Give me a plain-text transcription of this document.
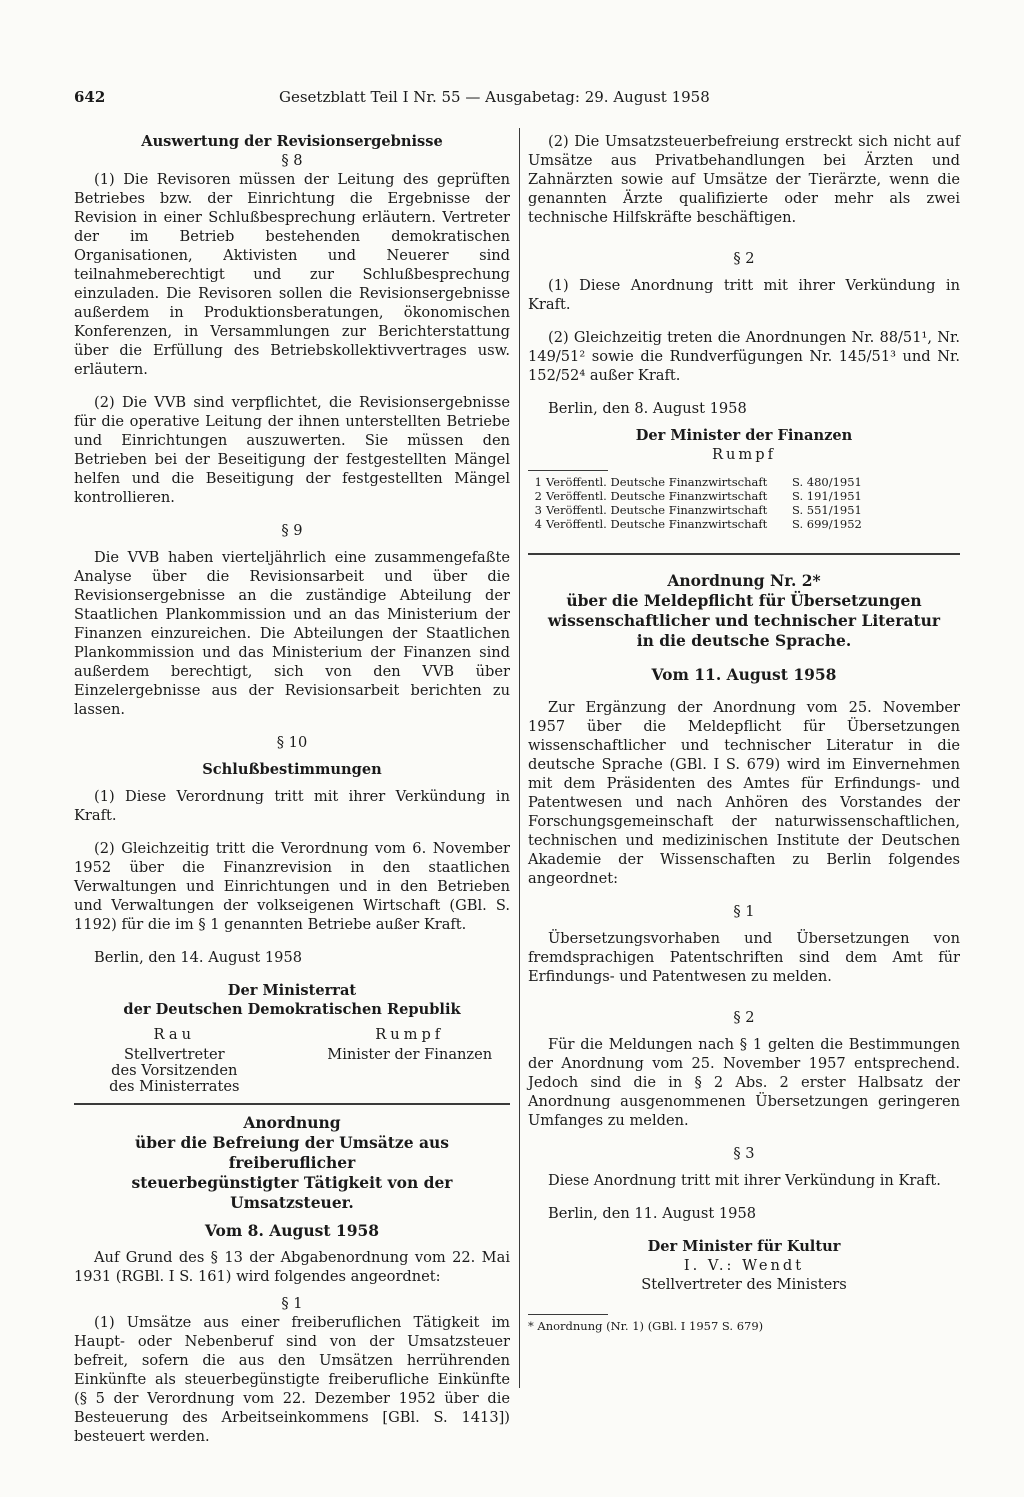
642	Gesetzblatt Teil I Nr. 55 — Ausgabetag: 29. August 1958

Auswertung der Revisionsergebnisse

§ 8

(1) Die Revisoren müssen der Leitung des geprüften Betriebes bzw. der Einrichtung die Ergebnisse der Revision in einer Schlußbesprechung erläutern. Vertreter der im Betrieb bestehenden demokratischen Organisationen, Aktivisten und Neuerer sind teilnahmeberechtigt und zur Schlußbesprechung einzuladen. Die Revisoren sollen die Revisionsergebnisse außerdem in Produktionsberatungen, ökonomischen Konferenzen, in Versammlungen zur Berichterstattung über die Erfüllung des Betriebskollektivvertrages usw. erläutern.

(2) Die VVB sind verpflichtet, die Revisionsergebnisse für die operative Leitung der ihnen unterstellten Betriebe und Einrichtungen auszuwerten. Sie müssen den Betrieben bei der Beseitigung der festgestellten Mängel helfen und die Beseitigung der festgestellten Mängel kontrollieren.

§ 9

Die VVB haben vierteljährlich eine zusammengefaßte Analyse über die Revisionsarbeit und über die Revisionsergebnisse an die zuständige Abteilung der Staatlichen Plankommission und an das Ministerium der Finanzen einzureichen. Die Abteilungen der Staatlichen Plankommission und das Ministerium der Finanzen sind außerdem berechtigt, sich von den VVB über Einzelergebnisse aus der Revisionsarbeit berichten zu lassen.

§ 10

Schlußbestimmungen

(1) Diese Verordnung tritt mit ihrer Verkündung in Kraft.

(2) Gleichzeitig tritt die Verordnung vom 6. November 1952 über die Finanzrevision in den staatlichen Verwaltungen und Einrichtungen und in den Betrieben und Verwaltungen der volkseigenen Wirtschaft (GBl. S. 1192) für die im § 1 genannten Betriebe außer Kraft.

Berlin, den 14. August 1958

Der Ministerrat

der Deutschen Demokratischen Republik

Rau
Stellvertreter
des Vorsitzenden
des Ministerrates
Rumpf
Minister der Finanzen

Anordnung

über die Befreiung der Umsätze aus freiberuflicher

steuerbegünstigter Tätigkeit von der Umsatzsteuer.

Vom 8. August 1958

Auf Grund des § 13 der Abgabenordnung vom 22. Mai 1931 (RGBl. I S. 161) wird folgendes angeordnet:

§ 1

(1) Umsätze aus einer freiberuflichen Tätigkeit im Haupt- oder Nebenberuf sind von der Umsatzsteuer befreit, sofern die aus den Umsätzen herrührenden Einkünfte als steuerbegünstigte freiberufliche Einkünfte (§ 5 der Verordnung vom 22. Dezember 1952 über die Besteuerung des Arbeitseinkommens [GBl. S. 1413]) besteuert werden.

(2) Die Umsatzsteuerbefreiung erstreckt sich nicht auf Umsätze aus Privatbehandlungen bei Ärzten und Zahnärzten sowie auf Umsätze der Tierärzte, wenn die genannten Ärzte qualifizierte oder mehr als zwei technische Hilfskräfte beschäftigen.

§ 2

(1) Diese Anordnung tritt mit ihrer Verkündung in Kraft.

(2) Gleichzeitig treten die Anordnungen Nr. 88/51¹, Nr. 149/51² sowie die Rundverfügungen Nr. 145/51³ und Nr. 152/52⁴ außer Kraft.

Berlin, den 8. August 1958

Der Minister der Finanzen

Rumpf

1 Veröffentl. Deutsche Finanzwirtschaft	S. 480/1951
2 Veröffentl. Deutsche Finanzwirtschaft	S. 191/1951
3 Veröffentl. Deutsche Finanzwirtschaft	S. 551/1951
4 Veröffentl. Deutsche Finanzwirtschaft	S. 699/1952

Anordnung Nr. 2*

über die Meldepflicht für Übersetzungen

wissenschaftlicher und technischer Literatur

in die deutsche Sprache.

Vom 11. August 1958

Zur Ergänzung der Anordnung vom 25. November 1957 über die Meldepflicht für Übersetzungen wissenschaftlicher und technischer Literatur in die deutsche Sprache (GBl. I S. 679) wird im Einvernehmen mit dem Präsidenten des Amtes für Erfindungs- und Patentwesen und nach Anhören des Vorstandes der Forschungsgemeinschaft der naturwissenschaftlichen, technischen und medizinischen Institute der Deutschen Akademie der Wissenschaften zu Berlin folgendes angeordnet:

§ 1

Übersetzungsvorhaben und Übersetzungen von fremdsprachigen Patentschriften sind dem Amt für Erfindungs- und Patentwesen zu melden.

§ 2

Für die Meldungen nach § 1 gelten die Bestimmungen der Anordnung vom 25. November 1957 entsprechend. Jedoch sind die in § 2 Abs. 2 erster Halbsatz der Anordnung ausgenommenen Übersetzungen geringeren Umfanges zu melden.

§ 3

Diese Anordnung tritt mit ihrer Verkündung in Kraft.

Berlin, den 11. August 1958

Der Minister für Kultur

I. V.: Wendt

Stellvertreter des Ministers

* Anordnung (Nr. 1) (GBl. I 1957 S. 679)
